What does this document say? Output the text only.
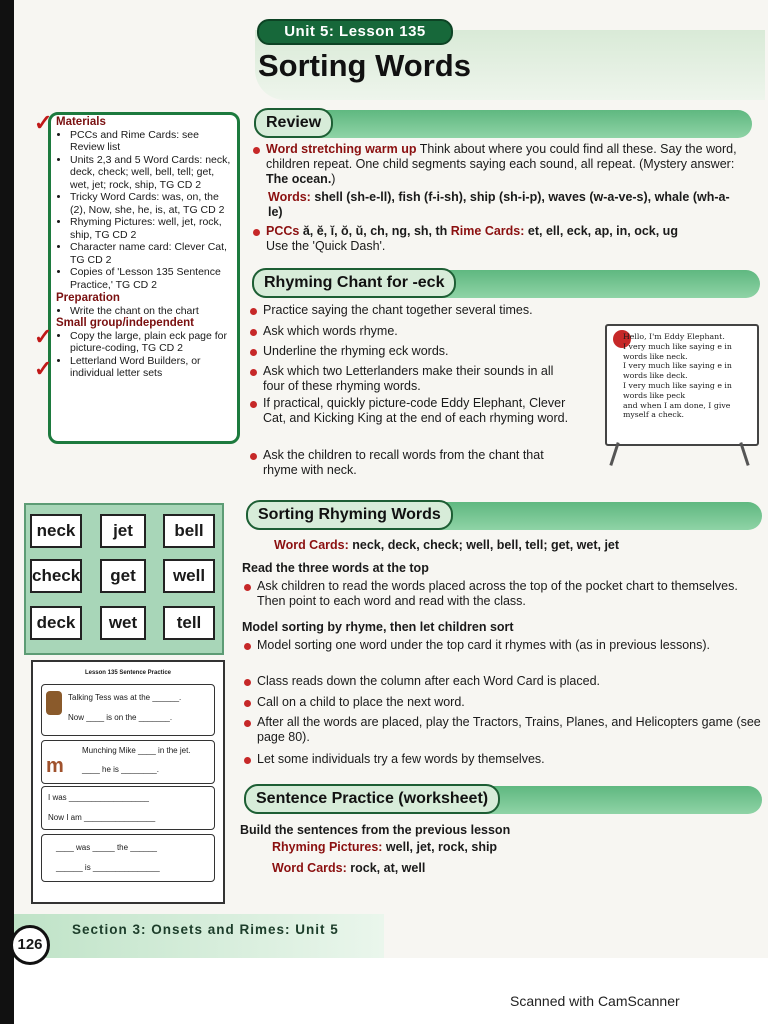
Unit 5: Lesson 135
Sorting Words
✓
✓
✓
Materials
• PCCs and Rime Cards: see Review list
• Units 2,3 and 5 Word Cards: neck, deck, check; well, bell, tell; get, wet, jet; rock, ship, TG CD 2
• Tricky Word Cards: was, on, the (2), Now, she, he, is, at, TG CD 2
• Rhyming Pictures: well, jet, rock, ship, TG CD 2
• Character name card: Clever Cat, TG CD 2
• Copies of 'Lesson 135 Sentence Practice,' TG CD 2
Preparation
• Write the chant on the chart
Small group/independent
• Copy the large, plain eck page for picture-coding, TG CD 2
• Letterland Word Builders, or individual letter sets
Review
Word stretching warm up Think about where you could find all these. Say the word, children repeat. One child segments saying each sound, all repeat. (Mystery answer: The ocean.)
Words: shell (sh-e-ll), fish (f-i-sh), ship (sh-i-p), waves (w-a-ve-s), whale (wh-a-le)
PCCs ă, ĕ, ĭ, ŏ, ŭ, ch, ng, sh, th Rime Cards: et, ell, eck, ap, in, ock, ug
Use the 'Quick Dash'.
Rhyming Chant for -eck
Practice saying the chant together several times.
Ask which words rhyme.
Underline the rhyming eck words.
Ask which two Letterlanders make their sounds in all four of these rhyming words.
If practical, quickly picture-code Eddy Elephant, Clever Cat, and Kicking King at the end of each rhyming word.
Ask the children to recall words from the chant that rhyme with neck.
Hello, I'm Eddy Elephant.
I very much like saying e in
words like neck.
I very much like saying e in
words like deck.
I very much like saying e in
words like peck
and when I am done, I give
myself a check.
neck	jet	bell
check	get	well
deck	wet	tell
Sorting Rhyming Words
Word Cards: neck, deck, check; well, bell, tell; get, wet, jet
Read the three words at the top
Ask children to read the words placed across the top of the pocket chart to themselves. Then point to each word and read with the class.
Model sorting by rhyme, then let children sort
Model sorting one word under the top card it rhymes with (as in previous lessons).
Class reads down the column after each Word Card is placed.
Call on a child to place the next word.
After all the words are placed, play the Tractors, Trains, Planes, and Helicopters game (see page 80).
Let some individuals try a few words by themselves.
Sentence Practice (worksheet)
Build the sentences from the previous lesson
Rhyming Pictures: well, jet, rock, ship
Word Cards: rock, at, well
Lesson 135 Sentence Practice
Talking Tess was at the ______.
Now ____ is on the _______.
m
Munching Mike ____ in the jet.
____ he is ________.
I was __________________
Now I am ________________
____ was _____ the ______
______ is _______________
126
Section 3: Onsets and Rimes: Unit 5
Scanned with CamScanner
